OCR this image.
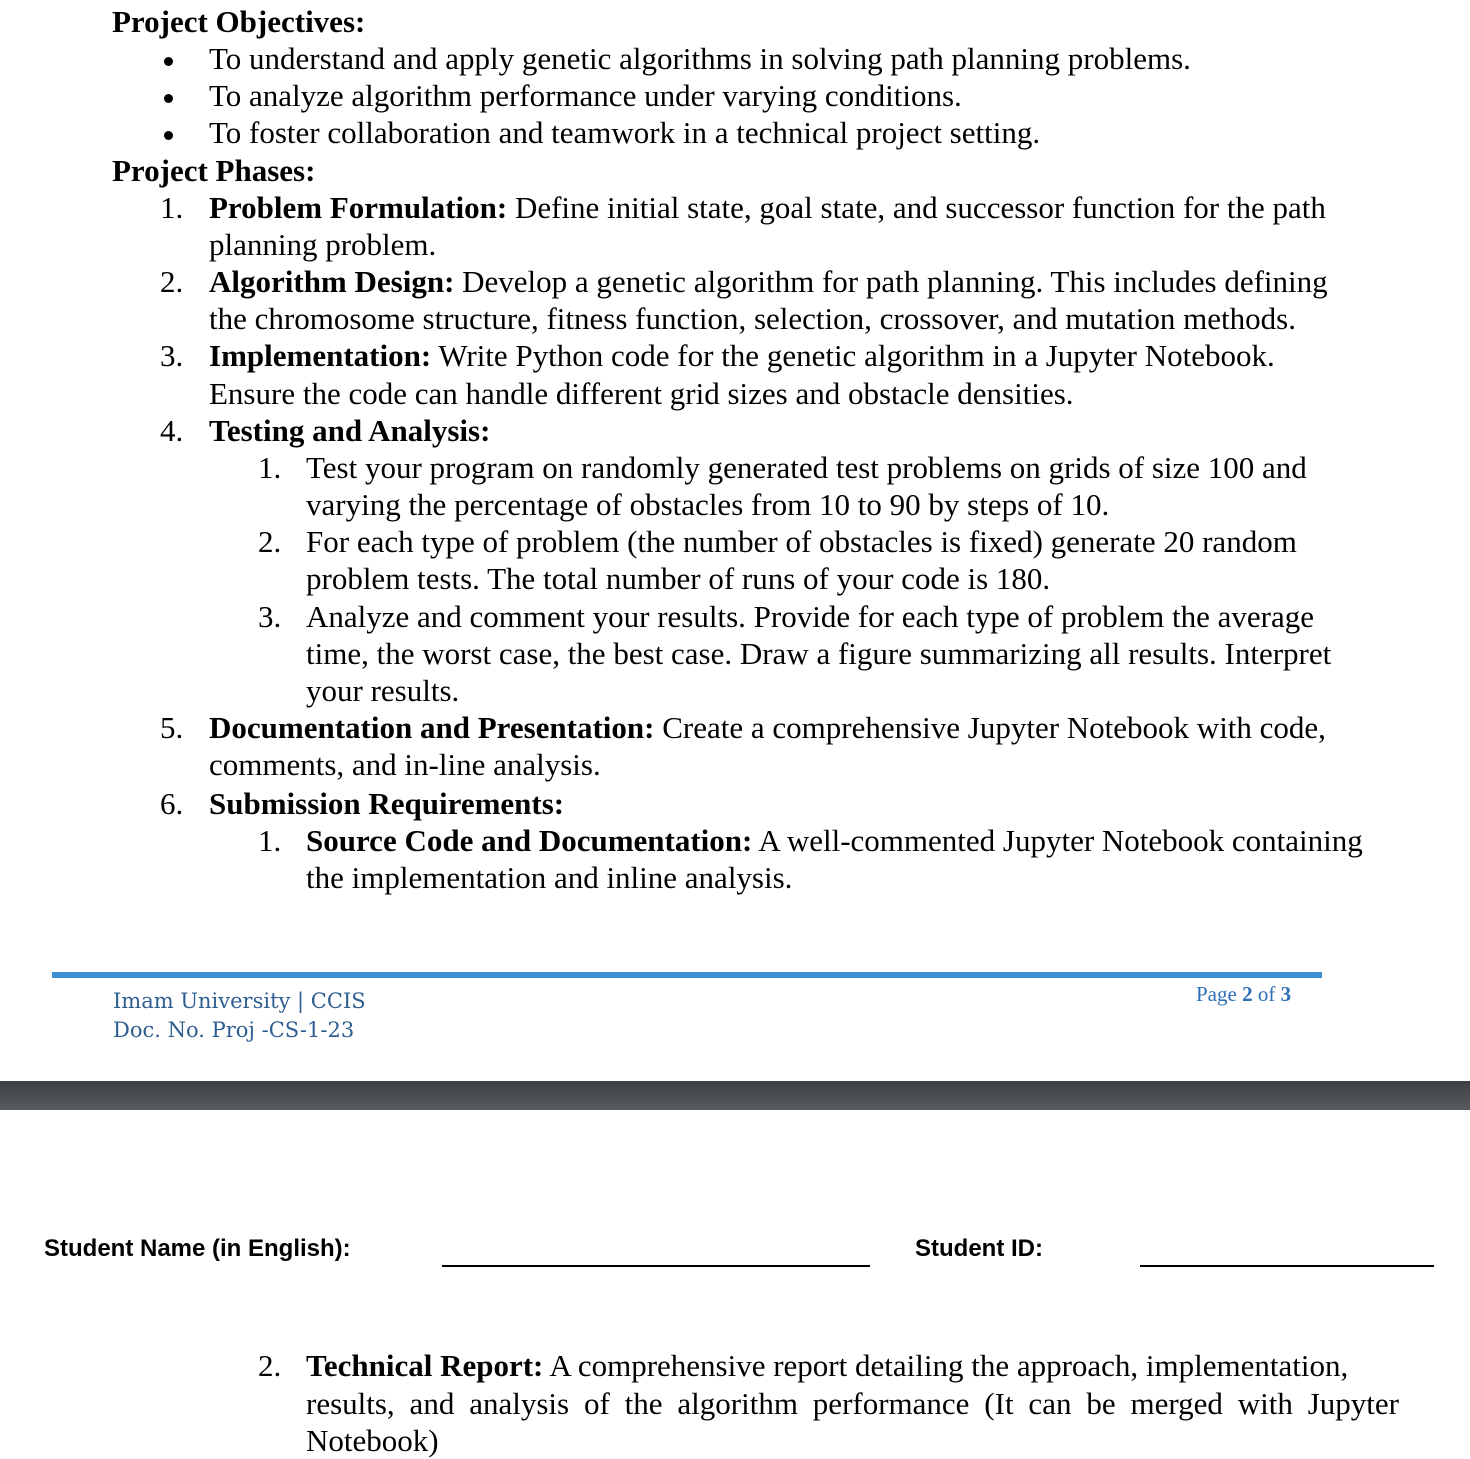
Project Objectives:
To understand and apply genetic algorithms in solving path planning problems.
To analyze algorithm performance under varying conditions.
To foster collaboration and teamwork in a technical project setting.
Project Phases:
1. Problem Formulation: Define initial state, goal state, and successor function for the path
planning problem.
2. Algorithm Design: Develop a genetic algorithm for path planning. This includes defining
the chromosome structure, fitness function, selection, crossover, and mutation methods.
3. Implementation: Write Python code for the genetic algorithm in a Jupyter Notebook.
Ensure the code can handle different grid sizes and obstacle densities.
4. Testing and Analysis:
1. Test your program on randomly generated test problems on grids of size 100 and
varying the percentage of obstacles from 10 to 90 by steps of 10.
2. For each type of problem (the number of obstacles is fixed) generate 20 random
problem tests. The total number of runs of your code is 180.
3. Analyze and comment your results. Provide for each type of problem the average
time, the worst case, the best case. Draw a figure summarizing all results. Interpret
your results.
5. Documentation and Presentation: Create a comprehensive Jupyter Notebook with code,
comments, and in-line analysis.
6. Submission Requirements:
1. Source Code and Documentation: A well-commented Jupyter Notebook containing
the implementation and inline analysis.
Imam University | CCIS
Doc. No. Proj -CS-1-23
Page 2 of 3
Student Name (in English):	Student ID:
2. Technical Report: A comprehensive report detailing the approach, implementation,
results, and analysis of the algorithm performance (It can be merged with Jupyter
Notebook)
